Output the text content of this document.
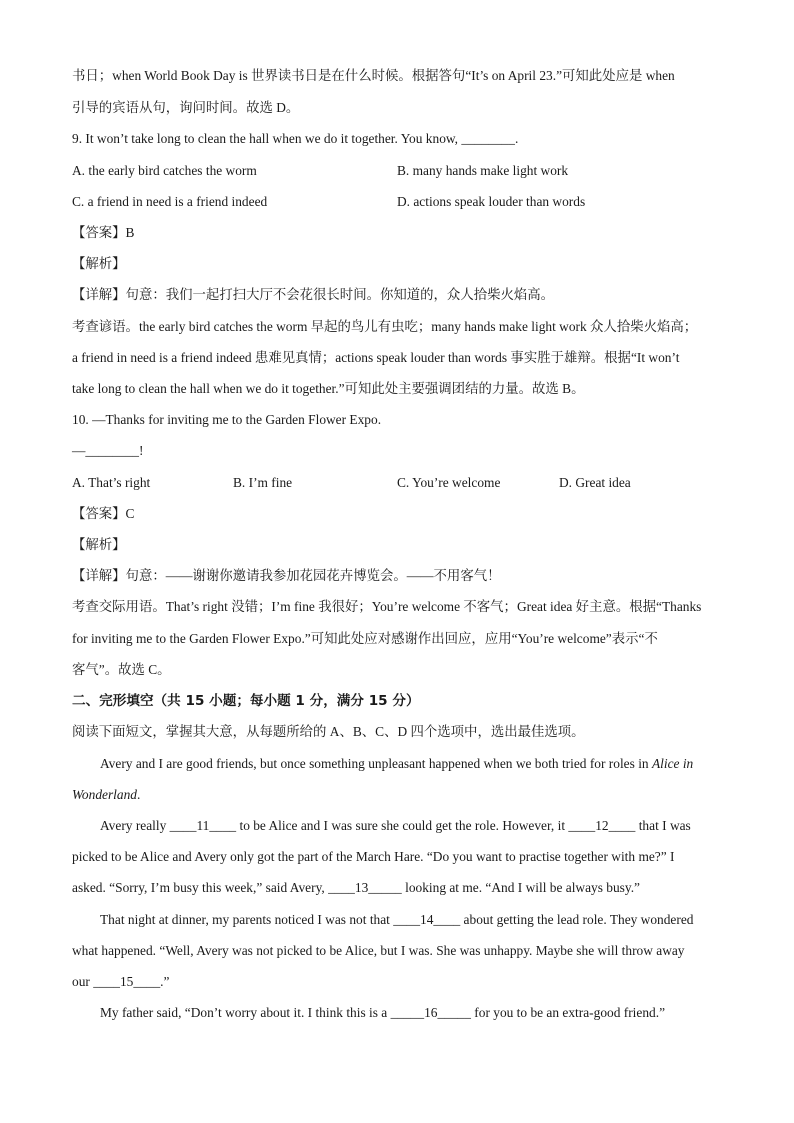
书日；when World Book Day is 世界读书日是在什么时候。根据答句“It’s on April 23.”可知此处应是 when
引导的宾语从句，询问时间。故选 D。
9. It won’t take long to clean the hall when we do it together. You know, ________.
A. the early bird catches the worm	B. many hands make light work
C. a friend in need is a friend indeed	D. actions speak louder than words
【答案】B
【解析】
【详解】句意：我们一起打扫大厅不会花很长时间。你知道的，众人拾柴火焰高。
考查谚语。the early bird catches the worm 早起的鸟儿有虫吃；many hands make light work 众人拾柴火焰高；
a friend in need is a friend indeed 患难见真情；actions speak louder than words 事实胜于雄辩。根据“It won’t
take long to clean the hall when we do it together.”可知此处主要强调团结的力量。故选 B。
10. —Thanks for inviting me to the Garden Flower Expo.
—________!
A. That’s right	B. I’m fine	C. You’re welcome	D. Great idea
【答案】C
【解析】
【详解】句意：——谢谢你邀请我参加花园花卉博览会。——不用客气！
考查交际用语。That’s right 没错；I’m fine 我很好；You’re welcome 不客气；Great idea 好主意。根据“Thanks
for inviting me to the Garden Flower Expo.”可知此处应对感谢作出回应，应用“You’re welcome”表示“不
客气”。故选 C。
二、完形填空（共 15 小题；每小题 1 分，满分 15 分）
阅读下面短文，掌握其大意，从每题所给的 A、B、C、D 四个选项中，选出最佳选项。
Avery and I are good friends, but once something unpleasant happened when we both tried for roles in Alice in
Wonderland.
Avery really ____11____ to be Alice and I was sure she could get the role. However, it ____12____ that I was
picked to be Alice and Avery only got the part of the March Hare. “Do you want to practise together with me?” I
asked. “Sorry, I’m busy this week,” said Avery, ____13_____ looking at me. “And I will be always busy.”
That night at dinner, my parents noticed I was not that ____14____ about getting the lead role. They wondered
what happened. “Well, Avery was not picked to be Alice, but I was. She was unhappy. Maybe she will throw away
our ____15____.”
My father said, “Don’t worry about it. I think this is a _____16_____ for you to be an extra-good friend.”
